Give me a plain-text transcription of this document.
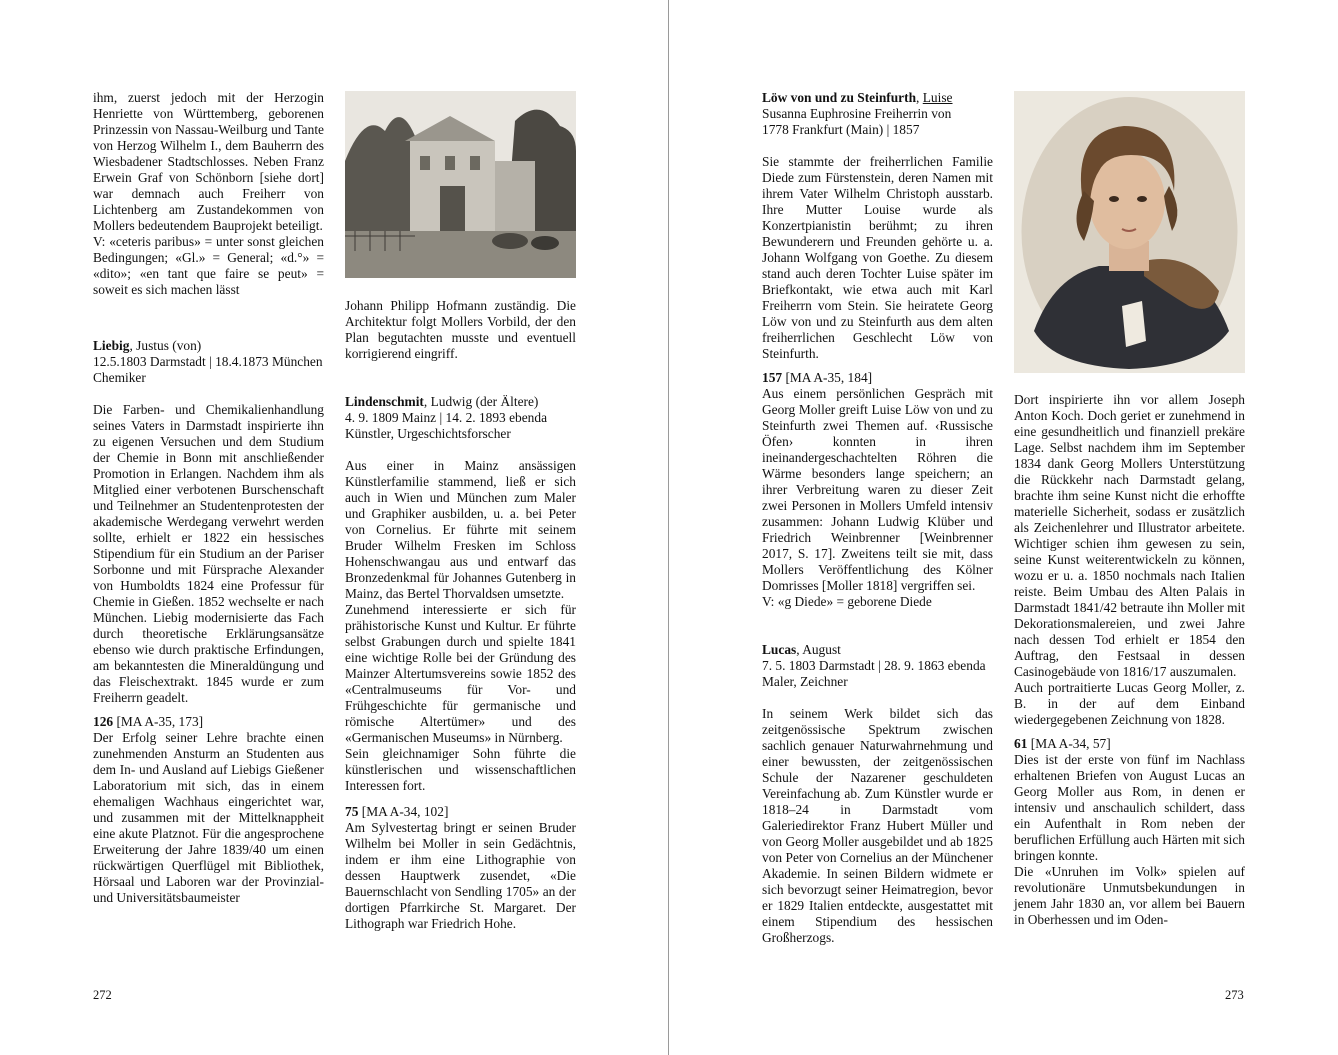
ihm, zuerst jedoch mit der Herzogin Henriette von Württemberg, geborenen Prinzessin von Nassau-Weilburg und Tante von Herzog Wilhelm I., dem Bauherrn des Wiesbadener Stadtschlosses. Neben Franz Erwein Graf von Schönborn [siehe dort] war demnach auch Freiherr von Lichtenberg am Zustandekommen von Mollers bedeutendem Bauprojekt beteiligt.

V: «ceteris paribus» = unter sonst gleichen Bedingungen; «Gl.» = General; «d.°» = «dito»; «en tant que faire se peut» = soweit es sich machen lässt

Liebig, Justus (von)

12.5.1803 Darmstadt | 18.4.1873 München

Chemiker

Die Farben- und Chemikalienhandlung seines Vaters in Darmstadt inspirierte ihn zu eigenen Versuchen und dem Studium der Chemie in Bonn mit anschließender Promotion in Erlangen. Nachdem ihm als Mitglied einer verbotenen Burschenschaft und Teilnehmer an Studentenprotesten der akademische Werdegang verwehrt werden sollte, erhielt er 1822 ein hessisches Stipendium für ein Studium an der Pariser Sorbonne und mit Fürsprache Alexander von Humboldts 1824 eine Professur für Chemie in Gießen. 1852 wechselte er nach München. Liebig modernisierte das Fach durch theoretische Erklärungsansätze ebenso wie durch praktische Erfindungen, am bekanntesten die Mineraldüngung und das Fleischextrakt. 1845 wurde er zum Freiherrn geadelt.

126 [MA A-35, 173]

Der Erfolg seiner Lehre brachte einen zunehmenden Ansturm an Studenten aus dem In- und Ausland auf Liebigs Gießener Laboratorium mit sich, das in einem ehemaligen Wachhaus eingerichtet war, und zusammen mit der Mittelknappheit eine akute Platznot. Für die angesprochene Erweiterung der Jahre 1839/40 um einen rückwärtigen Querflügel mit Bibliothek, Hörsaal und Laboren war der Provinzial- und Universitätsbaumeister

Johann Philipp Hofmann zuständig. Die Architektur folgt Mollers Vorbild, der den Plan begutachten musste und eventuell korrigierend eingriff.

Lindenschmit, Ludwig (der Ältere)

4. 9. 1809 Mainz | 14. 2. 1893 ebenda

Künstler, Urgeschichtsforscher

Aus einer in Mainz ansässigen Künstlerfamilie stammend, ließ er sich auch in Wien und München zum Maler und Graphiker ausbilden, u. a. bei Peter von Cornelius. Er führte mit seinem Bruder Wilhelm Fresken im Schloss Hohenschwangau aus und entwarf das Bronzedenkmal für Johannes Gutenberg in Mainz, das Bertel Thorvaldsen umsetzte.

Zunehmend interessierte er sich für prähistorische Kunst und Kultur. Er führte selbst Grabungen durch und spielte 1841 eine wichtige Rolle bei der Gründung des Mainzer Altertumsvereins sowie 1852 des «Centralmuseums für Vor- und Frühgeschichte für germanische und römische Altertümer» und des «Germanischen Museums» in Nürnberg.

Sein gleichnamiger Sohn führte die künstlerischen und wissenschaftlichen Interessen fort.

75 [MA A-34, 102]

Am Sylvestertag bringt er seinen Bruder Wilhelm bei Moller in sein Gedächtnis, indem er ihm eine Lithographie von dessen Hauptwerk zusendet, «Die Bauernschlacht von Sendling 1705» an der dortigen Pfarrkirche St. Margaret. Der Lithograph war Friedrich Hohe.

272

Löw von und zu Steinfurth, Luise

Susanna Euphrosine Freiherrin von

1778 Frankfurt (Main) | 1857

Sie stammte der freiherrlichen Familie Diede zum Fürstenstein, deren Namen mit ihrem Vater Wilhelm Christoph ausstarb. Ihre Mutter Louise wurde als Konzertpianistin berühmt; zu ihren Bewunderern und Freunden gehörte u. a. Johann Wolfgang von Goethe. Zu diesem stand auch deren Tochter Luise später im Briefkontakt, wie etwa auch mit Karl Freiherrn vom Stein. Sie heiratete Georg Löw von und zu Steinfurth aus dem alten freiherrlichen Geschlecht Löw von Steinfurth.

157 [MA A-35, 184]

Aus einem persönlichen Gespräch mit Georg Moller greift Luise Löw von und zu Steinfurth zwei Themen auf. ‹Russische Öfen› konnten in ihren ineinandergeschachtelten Röhren die Wärme besonders lange speichern; an ihrer Verbreitung waren zu dieser Zeit zwei Personen in Mollers Umfeld intensiv zusammen: Johann Ludwig Klüber und Friedrich Weinbrenner [Weinbrenner 2017, S. 17]. Zweitens teilt sie mit, dass Mollers Veröffentlichung des Kölner Domrisses [Moller 1818] vergriffen sei.

V: «g Diede» = geborene Diede

Lucas, August

7. 5. 1803 Darmstadt | 28. 9. 1863 ebenda

Maler, Zeichner

In seinem Werk bildet sich das zeitgenössische Spektrum zwischen sachlich genauer Naturwahrnehmung und einer bewussten, der zeitgenössischen Schule der Nazarener geschuldeten Vereinfachung ab. Zum Künstler wurde er 1818–24 in Darmstadt vom Galeriedirektor Franz Hubert Müller und von Georg Moller ausgebildet und ab 1825 von Peter von Cornelius an der Münchener Akademie. In seinen Bildern widmete er sich bevorzugt seiner Heimatregion, bevor er 1829 Italien entdeckte, ausgestattet mit einem Stipendium des hessischen Großherzogs.

Dort inspirierte ihn vor allem Joseph Anton Koch. Doch geriet er zunehmend in eine gesundheitlich und finanziell prekäre Lage. Selbst nachdem ihm im September 1834 dank Georg Mollers Unterstützung die Rückkehr nach Darmstadt gelang, brachte ihm seine Kunst nicht die erhoffte materielle Sicherheit, sodass er zusätzlich als Zeichenlehrer und Illustrator arbeitete. Wichtiger schien ihm gewesen zu sein, seine Kunst weiterentwickeln zu können, wozu er u. a. 1850 nochmals nach Italien reiste. Beim Umbau des Alten Palais in Darmstadt 1841/42 betraute ihn Moller mit Dekorationsmalereien, und zwei Jahre nach dessen Tod erhielt er 1854 den Auftrag, den Festsaal in dessen Casinogebäude von 1816/17 auszumalen.

Auch portraitierte Lucas Georg Moller, z. B. in der auf dem Einband wiedergegebenen Zeichnung von 1828.

61 [MA A-34, 57]

Dies ist der erste von fünf im Nachlass erhaltenen Briefen von August Lucas an Georg Moller aus Rom, in denen er intensiv und anschaulich schildert, dass ein Aufenthalt in Rom neben der beruflichen Erfüllung auch Härten mit sich bringen konnte.

Die «Unruhen im Volk» spielen auf revolutionäre Unmutsbekundungen in jenem Jahr 1830 an, vor allem bei Bauern in Oberhessen und im Oden-

273
